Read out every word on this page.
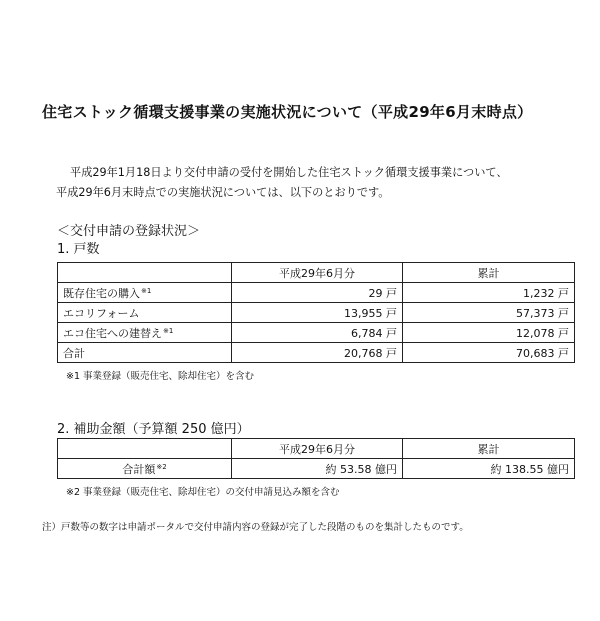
住宅ストック循環支援事業の実施状況について（平成29年6月末時点）
平成29年1月18日より交付申請の受付を開始した住宅ストック循環支援事業について、
平成29年6月末時点での実施状況については、以下のとおりです。
＜交付申請の登録状況＞
1. 戸数
	平成29年6月分	累計
既存住宅の購入$^{※1}$	29 戸	1,232 戸
エコリフォーム	13,955 戸	57,373 戸
エコ住宅への建替え$^{※1}$	6,784 戸	12,078 戸
合計	20,768 戸	70,683 戸
※1 事業登録（販売住宅、除却住宅）を含む
2. 補助金額（予算額 250 億円）
	平成29年6月分	累計
合計額$^{※2}$	約 53.58 億円	約 138.55 億円
※2 事業登録（販売住宅、除却住宅）の交付申請見込み額を含む
注）戸数等の数字は申請ポータルで交付申請内容の登録が完了した段階のものを集計したものです。
